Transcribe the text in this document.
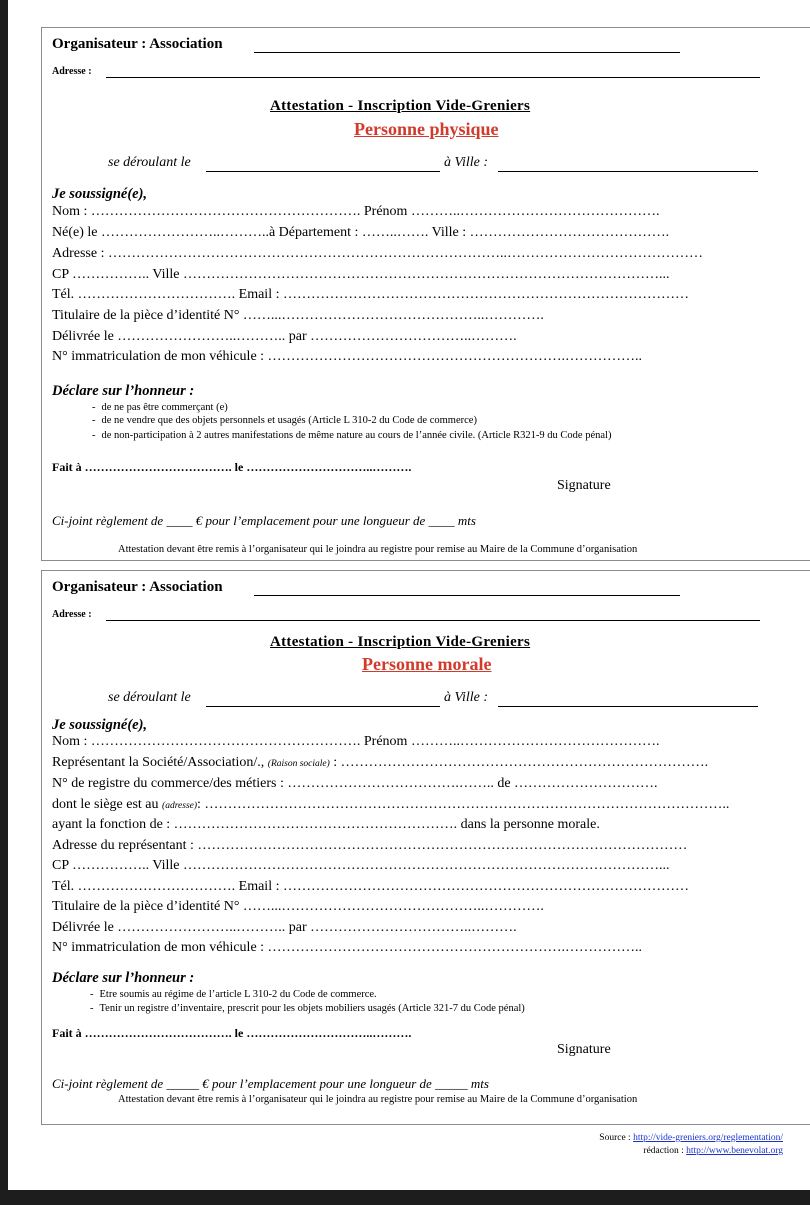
Organisateur : Association
Adresse :
Attestation - Inscription Vide-Greniers
Personne physique
se déroulant le	à Ville :
Je soussigné(e),
Nom : …………………………………………………. Prénom ………..…………………………………….
Né(e) le ……………………..………..à Département : ……..……. Ville : …………………………………….
Adresse : …………………………………………………………………………..……………………………………
CP …………….. Ville …………………………………………………………………………………………...
Tél. ……………………………. Email : ……………………………………………………………………………
Titulaire de la pièce d’identité N° ……...……………………………………..………….
Délivrée le ……………………..……….. par ……………………………..……….
N° immatriculation de mon véhicule : ……………………………………………………….……………..
Déclare sur l’honneur :
- de ne pas être commerçant (e)
- de ne vendre que des objets personnels et usagés (Article L 310-2 du Code de commerce)
- de non-participation à 2 autres manifestations de même nature au cours de l’année civile. (Article R321-9 du Code pénal)
Fait à ………………………………. le …………………………..……….
Signature
Ci-joint règlement de ____ € pour l’emplacement pour une longueur de ____ mts
Attestation devant être remis à l’organisateur qui le joindra au registre pour remise au Maire de la Commune d’organisation
Organisateur : Association
Adresse :
Attestation - Inscription Vide-Greniers
Personne morale
se déroulant le	à Ville :
Je soussigné(e),
Nom : …………………………………………………. Prénom ………..…………………………………….
Représentant la Société/Association/., (Raison sociale) : …………………………………………………………………….
N° de registre du commerce/des métiers : ……………………………….…….. de ………………………….
dont le siège est au (adresse): …………………………………………………………………………………………………..
ayant la fonction de : ……………………………………………………. dans la personne morale.
Adresse du représentant : ……………………………………………………………………………………………
CP …………….. Ville …………………………………………………………………………………………...
Tél. ……………………………. Email : ……………………………………………………………………………
Titulaire de la pièce d’identité N° ……...……………………………………..………….
Délivrée le ……………………..……….. par ……………………………..……….
N° immatriculation de mon véhicule : ……………………………………………………….……………..
Déclare sur l’honneur :
- Etre soumis au régime de l’article L 310-2 du Code de commerce.
- Tenir un registre d’inventaire, prescrit pour les objets mobiliers usagés (Article 321-7 du Code pénal)
Fait à ………………………………. le …………………………..……….
Signature
Ci-joint règlement de _____ € pour l’emplacement pour une longueur de _____ mts
Attestation devant être remis à l’organisateur qui le joindra au registre pour remise au Maire de la Commune d’organisation
Source : http://vide-greniers.org/reglementation/
rédaction : http://www.benevolat.org
